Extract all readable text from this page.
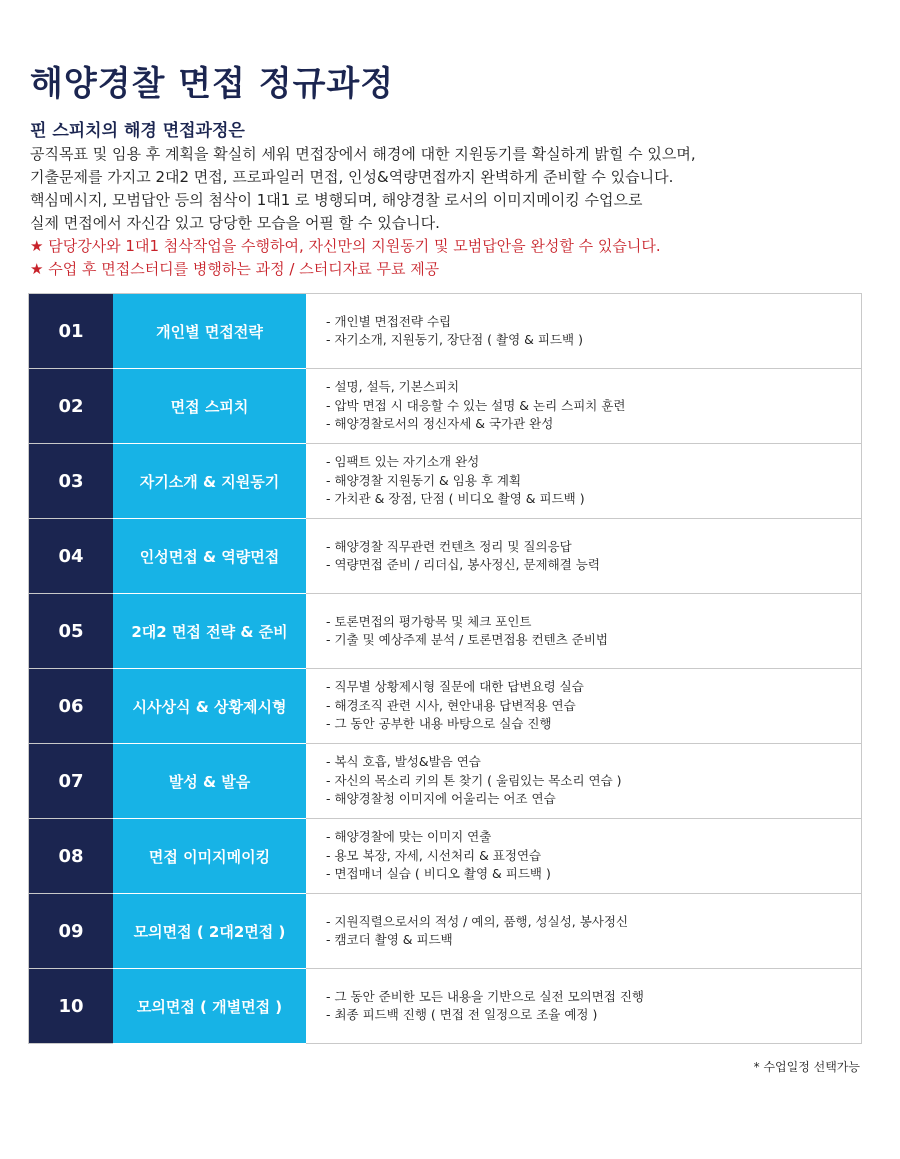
해양경찰 면접 정규과정
핀 스피치의 해경 면접과정은
공직목표 및 임용 후 계획을 확실히 세워 면접장에서 해경에 대한 지원동기를 확실하게 밝힐 수 있으며,
기출문제를 가지고 2대2 면접, 프로파일러 면접, 인성&역량면접까지 완벽하게 준비할 수 있습니다.
핵심메시지, 모범답안 등의 첨삭이 1대1 로 병행되며, 해양경찰 로서의 이미지메이킹 수업으로
실제 면접에서 자신감 있고 당당한 모습을 어필 할 수 있습니다.
★ 담당강사와 1대1 첨삭작업을 수행하여, 자신만의 지원동기 및 모범답안을 완성할 수 있습니다.
★ 수업 후 면접스터디를 병행하는 과정 / 스터디자료 무료 제공
01	개인별 면접전략
- 개인별 면접전략 수립
- 자기소개, 지원동기, 장단점 ( 촬영 & 피드백 )
02	면접 스피치
- 설명, 설득, 기본스피치
- 압박 면접 시 대응할 수 있는 설명 & 논리 스피치 훈련
- 해양경찰로서의 정신자세 & 국가관 완성
03	자기소개 & 지원동기
- 임팩트 있는 자기소개 완성
- 해양경찰 지원동기 & 임용 후 계획
- 가치관 & 장점, 단점 ( 비디오 촬영 & 피드백 )
04	인성면접 & 역량면접
- 해양경찰 직무관련 컨텐츠 정리 및 질의응답
- 역량면접 준비 / 리더십, 봉사정신, 문제해결 능력
05	2대2 면접 전략 & 준비
- 토론면접의 평가항목 및 체크 포인트
- 기출 및 예상주제 분석 / 토론면접용 컨텐츠 준비법
06	시사상식 & 상황제시형
- 직무별 상황제시형 질문에 대한 답변요령 실습
- 해경조직 관련 시사, 현안내용 답변적용 연습
- 그 동안 공부한 내용 바탕으로 실습 진행
07	발성 & 발음
- 복식 호흡, 발성&발음 연습
- 자신의 목소리 키의 톤 찾기 ( 울림있는 목소리 연습 )
- 해양경찰청 이미지에 어울리는 어조 연습
08	면접 이미지메이킹
- 해양경찰에 맞는 이미지 연출
- 용모 복장, 자세, 시선처리 & 표정연습
- 면접매너 실습 ( 비디오 촬영 & 피드백 )
09	모의면접 ( 2대2면접 )
- 지원직렬으로서의 적성 / 예의, 품행, 성실성, 봉사정신
- 캠코더 촬영 & 피드백
10	모의면접 ( 개별면접 )
- 그 동안 준비한 모든 내용을 기반으로 실전 모의면접 진행
- 최종 피드백 진행 ( 면접 전 일정으로 조율 예정 )
* 수업일정 선택가능
